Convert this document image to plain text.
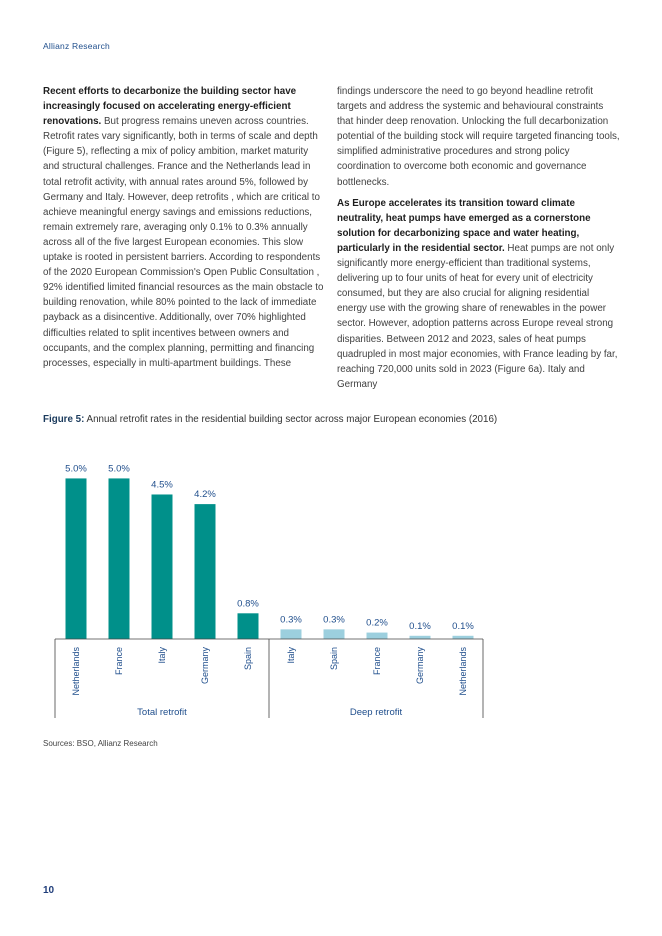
Allianz Research

Recent efforts to decarbonize the building sector have increasingly focused on accelerating energy-efficient renovations. But progress remains uneven across countries. Retrofit rates vary significantly, both in terms of scale and depth (Figure 5), reflecting a mix of policy ambition, market maturity and structural challenges. France and the Netherlands lead in total retrofit activity, with annual rates around 5%, followed by Germany and Italy. However, deep retrofits , which are critical to achieve meaningful energy savings and emissions reductions, remain extremely rare, averaging only 0.1% to 0.3% annually across all of the five largest European economies. This slow uptake is rooted in persistent barriers. According to respondents of the 2020 European Commission's Open Public Consultation , 92% identified limited financial resources as the main obstacle to building renovation, while 80% pointed to the lack of immediate payback as a disincentive. Additionally, over 70% highlighted difficulties related to split incentives between owners and occupants, and the complex planning, permitting and financing processes, especially in multi-apartment buildings. These

findings underscore the need to go beyond headline retrofit targets and address the systemic and behavioural constraints that hinder deep renovation. Unlocking the full decarbonization potential of the building stock will require targeted financing tools, simplified administrative procedures and strong policy coordination to overcome both economic and governance bottlenecks.

As Europe accelerates its transition toward climate neutrality, heat pumps have emerged as a cornerstone solution for decarbonizing space and water heating, particularly in the residential sector. Heat pumps are not only significantly more energy-efficient than traditional systems, delivering up to four units of heat for every unit of electricity consumed, but they are also crucial for aligning residential energy use with the growing share of renewables in the power sector. However, adoption patterns across Europe reveal strong disparities. Between 2012 and 2023, sales of heat pumps quadrupled in most major economies, with France leading by far, reaching 720,000 units sold in 2023 (Figure 6a). Italy and Germany

Figure 5: Annual retrofit rates in the residential building sector across major European economies (2016)
5.0%
Netherlands
5.0%
France
4.5%
Italy
4.2%
Germany
0.8%
Spain
0.3%
Italy
0.3%
Spain
0.2%
France
0.1%
Germany
0.1%
Netherlands
Total retrofit	Deep retrofit
Sources: BSO, Allianz Research
10
